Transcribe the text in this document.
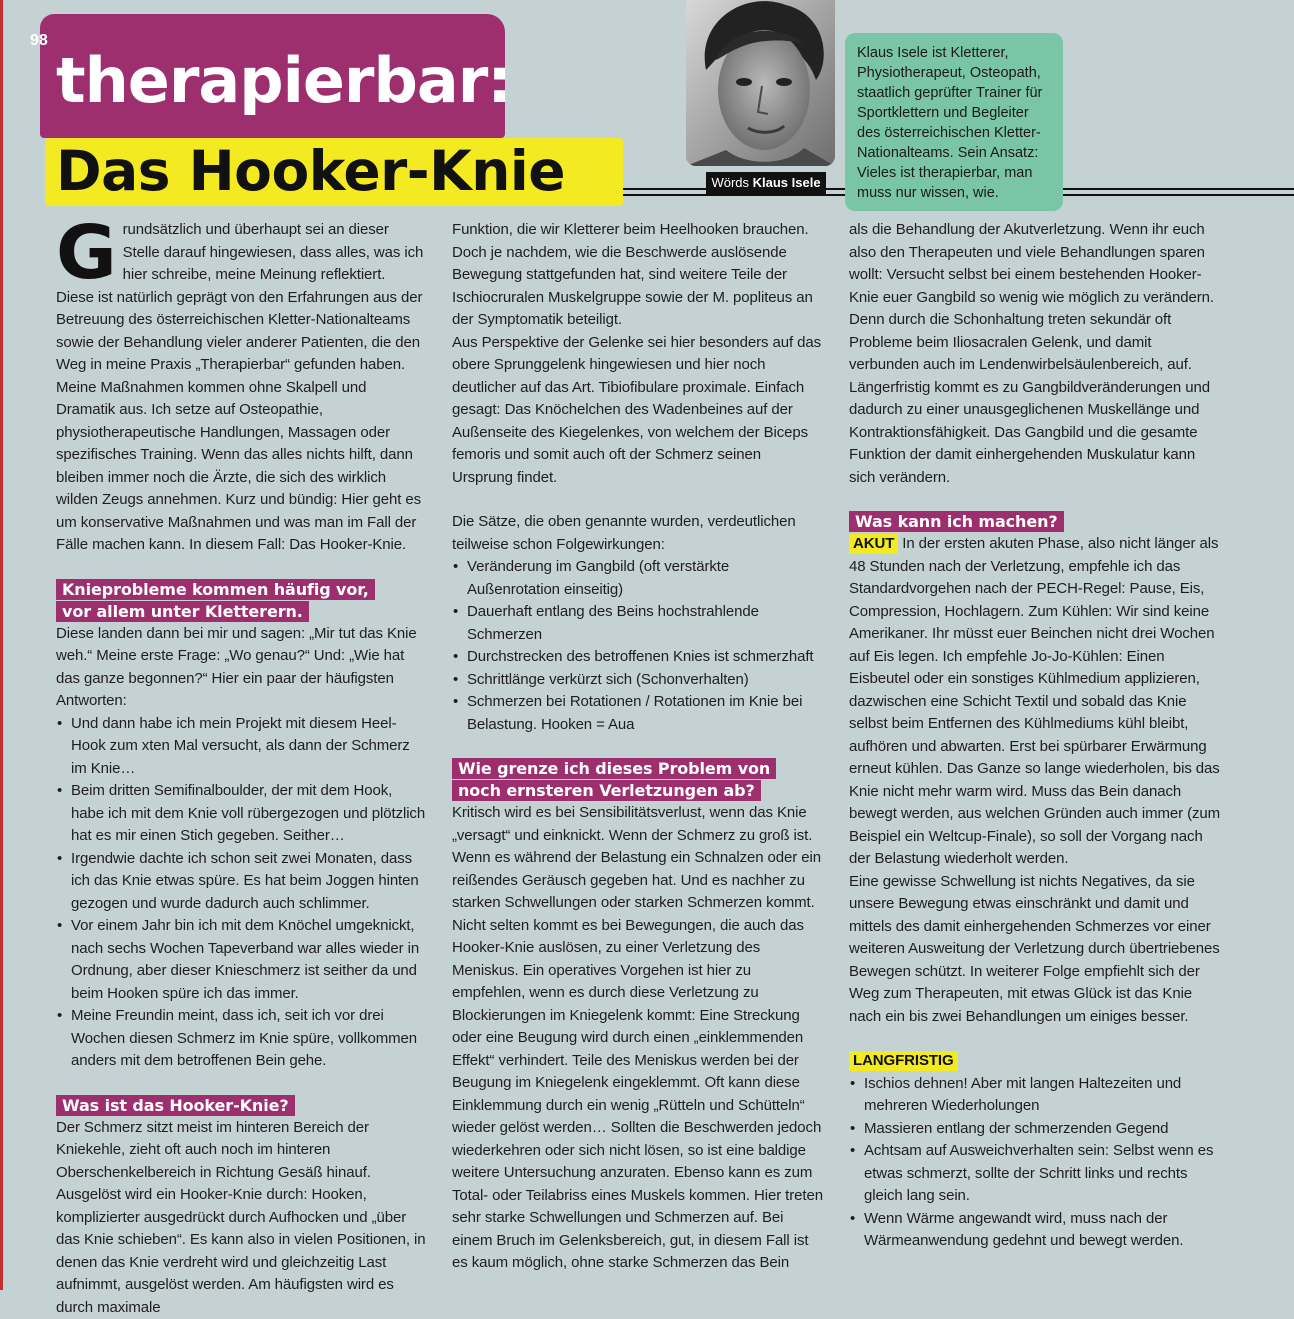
98
therapierbar:
Das Hooker-Knie	Wörds Klaus Isele
Klaus Isele ist Kletterer, Physiotherapeut, Osteopath, staatlich geprüfter Trainer für Sportklettern und Begleiter des österreichischen Kletter-Nationalteams. Sein Ansatz: Vieles ist therapierbar, man muss nur wissen, wie.

Grundsätzlich und überhaupt sei an dieser Stelle darauf hingewiesen, dass alles, was ich hier schreibe, meine Meinung reflektiert. Diese ist natürlich geprägt von den Erfahrungen aus der Betreuung des österreichischen Kletter-Nationalteams sowie der Behandlung vieler anderer Patienten, die den Weg in meine Praxis „Therapierbar“ gefunden haben. Meine Maßnahmen kommen ohne Skalpell und Dramatik aus. Ich setze auf Osteopathie, physiotherapeutische Handlungen, Massagen oder spezifisches Training. Wenn das alles nichts hilft, dann bleiben immer noch die Ärzte, die sich des wirklich wilden Zeugs annehmen. Kurz und bündig: Hier geht es um konservative Maßnahmen und was man im Fall der Fälle machen kann. In diesem Fall: Das Hooker-Knie.

Knieprobleme kommen häufig vor,
vor allem unter Kletterern.

Diese landen dann bei mir und sagen: „Mir tut das Knie weh.“ Meine erste Frage: „Wo genau?“ Und: „Wie hat das ganze begonnen?“ Hier ein paar der häufigsten Antworten:

• Und dann habe ich mein Projekt mit diesem Heel-Hook zum xten Mal versucht, als dann der Schmerz im Knie…
• Beim dritten Semifinalboulder, der mit dem Hook, habe ich mit dem Knie voll rübergezogen und plötzlich hat es mir einen Stich gegeben. Seither…
• Irgendwie dachte ich schon seit zwei Monaten, dass ich das Knie etwas spüre. Es hat beim Joggen hinten gezogen und wurde dadurch auch schlimmer.
• Vor einem Jahr bin ich mit dem Knöchel umgeknickt, nach sechs Wochen Tapeverband war alles wieder in Ordnung, aber dieser Knieschmerz ist seither da und beim Hooken spüre ich das immer.
• Meine Freundin meint, dass ich, seit ich vor drei Wochen diesen Schmerz im Knie spüre, vollkommen anders mit dem betroffenen Bein gehe.
Was ist das Hooker-Knie?

Der Schmerz sitzt meist im hinteren Bereich der Kniekehle, zieht oft auch noch im hinteren Oberschenkelbereich in Richtung Gesäß hinauf. Ausgelöst wird ein Hooker-Knie durch: Hooken, komplizierter ausgedrückt durch Aufhocken und „über das Knie schieben“. Es kann also in vielen Positionen, in denen das Knie verdreht wird und gleichzeitig Last aufnimmt, ausgelöst werden. Am häufigsten wird es durch maximale

Funktion, die wir Kletterer beim Heelhooken brauchen. Doch je nachdem, wie die Beschwerde auslösende Bewegung stattgefunden hat, sind weitere Teile der Ischiocruralen Muskelgruppe sowie der M. popliteus an der Symptomatik beteiligt.

Aus Perspektive der Gelenke sei hier besonders auf das obere Sprunggelenk hingewiesen und hier noch deutlicher auf das Art. Tibiofibulare proximale. Einfach gesagt: Das Knöchelchen des Wadenbeines auf der Außenseite des Kiegelenkes, von welchem der Biceps femoris und somit auch oft der Schmerz seinen Ursprung findet.

Die Sätze, die oben genannte wurden, verdeutlichen teilweise schon Folgewirkungen:

• Veränderung im Gangbild (oft verstärkte Außenrotation einseitig)
• Dauerhaft entlang des Beins hochstrahlende Schmerzen
• Durchstrecken des betroffenen Knies ist schmerzhaft
• Schrittlänge verkürzt sich (Schonverhalten)
• Schmerzen bei Rotationen / Rotationen im Knie bei Belastung. Hooken = Aua
Wie grenze ich dieses Problem von
noch ernsteren Verletzungen ab?

Kritisch wird es bei Sensibilitätsverlust, wenn das Knie „versagt“ und einknickt. Wenn der Schmerz zu groß ist. Wenn es während der Belastung ein Schnalzen oder ein reißendes Geräusch gegeben hat. Und es nachher zu starken Schwellungen oder starken Schmerzen kommt.

Nicht selten kommt es bei Bewegungen, die auch das Hooker-Knie auslösen, zu einer Verletzung des Meniskus. Ein operatives Vorgehen ist hier zu empfehlen, wenn es durch diese Verletzung zu Blockierungen im Kniegelenk kommt: Eine Streckung oder eine Beugung wird durch einen „einklemmenden Effekt“ verhindert. Teile des Meniskus werden bei der Beugung im Kniegelenk eingeklemmt. Oft kann diese Einklemmung durch ein wenig „Rütteln und Schütteln“ wieder gelöst werden… Sollten die Beschwerden jedoch wiederkehren oder sich nicht lösen, so ist eine baldige weitere Untersuchung anzuraten. Ebenso kann es zum Total- oder Teilabriss eines Muskels kommen. Hier treten sehr starke Schwellungen und Schmerzen auf. Bei einem Bruch im Gelenksbereich, gut, in diesem Fall ist es kaum möglich, ohne starke Schmerzen das Bein

als die Behandlung der Akutverletzung. Wenn ihr euch also den Therapeuten und viele Behandlungen sparen wollt: Versucht selbst bei einem bestehenden Hooker-Knie euer Gangbild so wenig wie möglich zu verändern.

Denn durch die Schonhaltung treten sekundär oft Probleme beim Iliosacralen Gelenk, und damit verbunden auch im Lendenwirbelsäulenbereich, auf. Längerfristig kommt es zu Gangbildveränderungen und dadurch zu einer unausgeglichenen Muskellänge und Kontraktionsfähigkeit. Das Gangbild und die gesamte Funktion der damit einhergehenden Muskulatur kann sich verändern.

Was kann ich machen?

AKUT In der ersten akuten Phase, also nicht länger als 48 Stunden nach der Verletzung, empfehle ich das Standardvorgehen nach der PECH-Regel: Pause, Eis, Compression, Hochlagern. Zum Kühlen: Wir sind keine Amerikaner. Ihr müsst euer Beinchen nicht drei Wochen auf Eis legen. Ich empfehle Jo-Jo-Kühlen: Einen Eisbeutel oder ein sonstiges Kühlmedium applizieren, dazwischen eine Schicht Textil und sobald das Knie selbst beim Entfernen des Kühlmediums kühl bleibt, aufhören und abwarten. Erst bei spürbarer Erwärmung erneut kühlen. Das Ganze so lange wiederholen, bis das Knie nicht mehr warm wird. Muss das Bein danach bewegt werden, aus welchen Gründen auch immer (zum Beispiel ein Weltcup-Finale), so soll der Vorgang nach der Belastung wiederholt werden.

Eine gewisse Schwellung ist nichts Negatives, da sie unsere Bewegung etwas einschränkt und damit und mittels des damit einhergehenden Schmerzes vor einer weiteren Ausweitung der Verletzung durch übertriebenes Bewegen schützt. In weiterer Folge empfiehlt sich der Weg zum Therapeuten, mit etwas Glück ist das Knie nach ein bis zwei Behandlungen um einiges besser.

LANGFRISTIG

• Ischios dehnen! Aber mit langen Haltezeiten und mehreren Wiederholungen
• Massieren entlang der schmerzenden Gegend
• Achtsam auf Ausweichverhalten sein: Selbst wenn es etwas schmerzt, sollte der Schritt links und rechts gleich lang sein.
• Wenn Wärme angewandt wird, muss nach der Wärmeanwendung gedehnt und bewegt werden.
